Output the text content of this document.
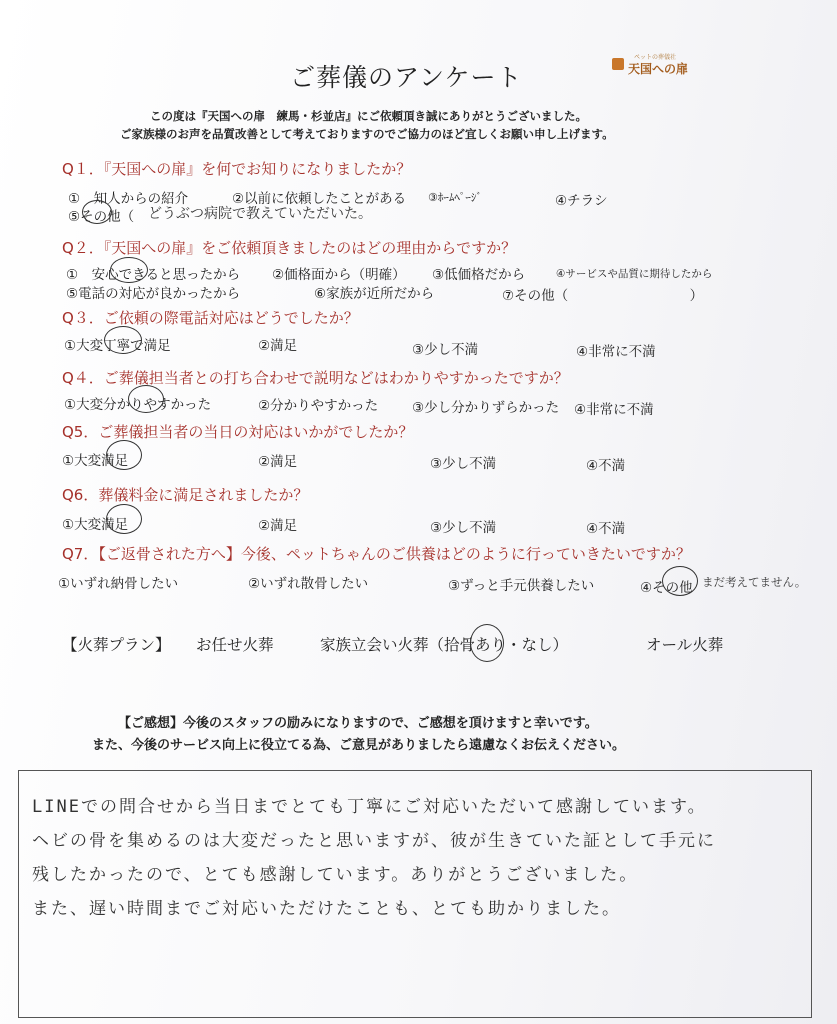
ご葬儀のアンケート
ペットの葬儀社
天国への扉
この度は『天国への扉　練馬・杉並店』にご依頼頂き誠にありがとうございました。
ご家族様のお声を品質改善として考えておりますのでご協力のほど宜しくお願い申し上げます。
Q１．『天国への扉』を何でお知りになりましたか？
①　知人からの紹介	②以前に依頼したことがある ③ﾎｰﾑﾍﾟｰｼﾞ	④チラシ
⑤その他（ どうぶつ病院で教えていただいた。
Q２．『天国への扉』をご依頼頂きましたのはどの理由からですか？
①　安心できると思ったから ②価格面から（明確） ③低価格だから	④サービスや品質に期待したから
⑤電話の対応が良かったから	⑥家族が近所だから	⑦その他（　　　　　　　　　）
Q３．ご依頼の際電話対応はどうでしたか？
①大変丁寧で満足	②満足	③少し不満	④非常に不満
Q４．ご葬儀担当者との打ち合わせで説明などはわかりやすかったですか？
①大変分かりやすかった	②分かりやすかった	③少し分かりずらかった ④非常に不満
Q5．ご葬儀担当者の当日の対応はいかがでしたか？
①大変満足	②満足	③少し不満	④不満
Q6．葬儀料金に満足されましたか？
①大変満足	②満足	③少し不満	④不満
Q7．【ご返骨された方へ】今後、ペットちゃんのご供養はどのように行っていきたいですか？
①いずれ納骨したい	②いずれ散骨したい	③ずっと手元供養したい	④その他 まだ考えてません。
【火葬プラン】 お任せ火葬	家族立会い火葬（拾骨あり・なし）	オール火葬
【ご感想】今後のスタッフの励みになりますので、ご感想を頂けますと幸いです。
また、今後のサービス向上に役立てる為、ご意見がありましたら遠慮なくお伝えください。
LINEでの問合せから当日までとても丁寧にご対応いただいて感謝しています。
ヘビの骨を集めるのは大変だったと思いますが、彼が生きていた証として手元に
残したかったので、とても感謝しています。ありがとうございました。
また、遅い時間までご対応いただけたことも、とても助かりました。
